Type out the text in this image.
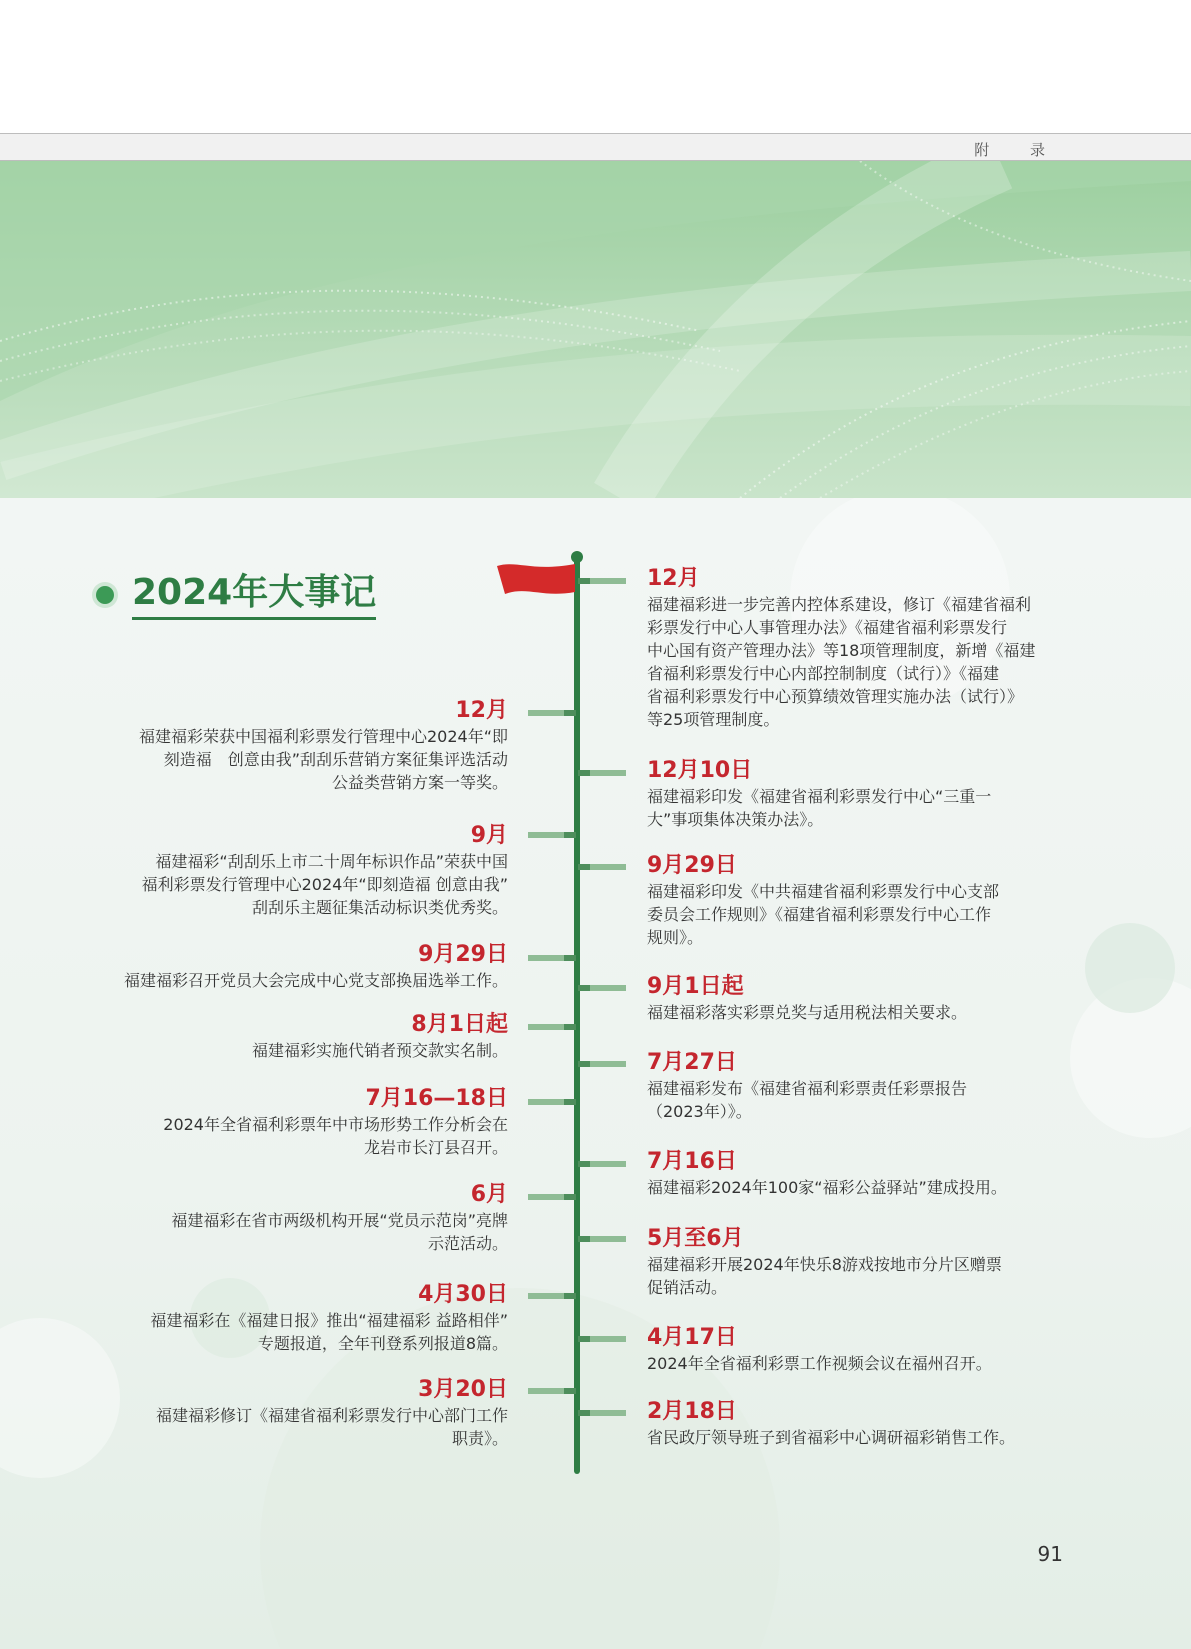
附 录
2024年大事记
12月
福建福彩荣获中国福利彩票发行管理中心2024年“即
刻造福　创意由我”刮刮乐营销方案征集评选活动
公益类营销方案一等奖。
9月
福建福彩“刮刮乐上市二十周年标识作品”荣获中国
福利彩票发行管理中心2024年“即刻造福 创意由我”
刮刮乐主题征集活动标识类优秀奖。
9月29日
福建福彩召开党员大会完成中心党支部换届选举工作。
8月1日起
福建福彩实施代销者预交款实名制。
7月16—18日
2024年全省福利彩票年中市场形势工作分析会在
龙岩市长汀县召开。
6月
福建福彩在省市两级机构开展“党员示范岗”亮牌
示范活动。
4月30日
福建福彩在《福建日报》推出“福建福彩 益路相伴”
专题报道，全年刊登系列报道8篇。
3月20日
福建福彩修订《福建省福利彩票发行中心部门工作
职责》。
12月
福建福彩进一步完善内控体系建设，修订《福建省福利
彩票发行中心人事管理办法》《福建省福利彩票发行
中心国有资产管理办法》等18项管理制度，新增《福建
省福利彩票发行中心内部控制制度（试行）》《福建
省福利彩票发行中心预算绩效管理实施办法（试行）》
等25项管理制度。
12月10日
福建福彩印发《福建省福利彩票发行中心“三重一
大”事项集体决策办法》。
9月29日
福建福彩印发《中共福建省福利彩票发行中心支部
委员会工作规则》《福建省福利彩票发行中心工作
规则》。
9月1日起
福建福彩落实彩票兑奖与适用税法相关要求。
7月27日
福建福彩发布《福建省福利彩票责任彩票报告
（2023年）》。
7月16日
福建福彩2024年100家“福彩公益驿站”建成投用。
5月至6月
福建福彩开展2024年快乐8游戏按地市分片区赠票
促销活动。
4月17日
2024年全省福利彩票工作视频会议在福州召开。
2月18日
省民政厅领导班子到省福彩中心调研福彩销售工作。
91
